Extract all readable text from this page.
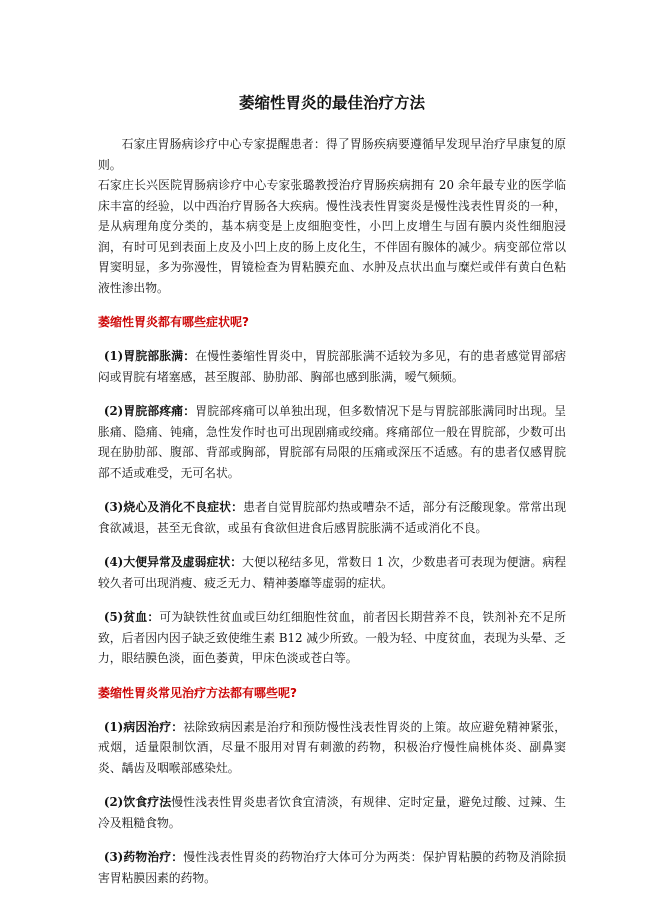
萎缩性胃炎的最佳治疗方法

石家庄胃肠病诊疗中心专家提醒患者：得了胃肠疾病要遵循早发现早治疗早康复的原则。

石家庄长兴医院胃肠病诊疗中心专家张璐教授治疗胃肠疾病拥有 20 余年最专业的医学临床丰富的经验，以中西治疗胃肠各大疾病。慢性浅表性胃窦炎是慢性浅表性胃炎的一种，是从病理角度分类的，基本病变是上皮细胞变性，小凹上皮增生与固有膜内炎性细胞浸润，有时可见到表面上皮及小凹上皮的肠上皮化生，不伴固有腺体的减少。病变部位常以胃窦明显，多为弥漫性，胃镜检查为胃粘膜充血、水肿及点状出血与糜烂或伴有黄白色粘液性渗出物。

萎缩性胃炎都有哪些症状呢?

(1)胃脘部胀满：在慢性萎缩性胃炎中，胃脘部胀满不适较为多见，有的患者感觉胃部痞闷或胃脘有堵塞感，甚至腹部、胁肋部、胸部也感到胀满，嗳气频频。

(2)胃脘部疼痛：胃脘部疼痛可以单独出现，但多数情况下是与胃脘部胀满同时出现。呈胀痛、隐痛、钝痛，急性发作时也可出现剧痛或绞痛。疼痛部位一般在胃脘部，少数可出现在胁肋部、腹部、背部或胸部，胃脘部有局限的压痛或深压不适感。有的患者仅感胃脘部不适或难受，无可名状。

(3)烧心及消化不良症状：患者自觉胃脘部灼热或嘈杂不适，部分有泛酸现象。常常出现食欲减退，甚至无食欲，或虽有食欲但进食后感胃脘胀满不适或消化不良。

(4)大便异常及虚弱症状：大便以秘结多见，常数日 1 次，少数患者可表现为便溏。病程较久者可出现消瘦、疲乏无力、精神萎靡等虚弱的症状。

(5)贫血：可为缺铁性贫血或巨幼红细胞性贫血，前者因长期营养不良，铁剂补充不足所致，后者因内因子缺乏致使维生素 B12 减少所致。一般为轻、中度贫血，表现为头晕、乏力，眼结膜色淡，面色萎黄，甲床色淡或苍白等。

萎缩性胃炎常见治疗方法都有哪些呢?

(1)病因治疗：祛除致病因素是治疗和预防慢性浅表性胃炎的上策。故应避免精神紧张，戒烟，适量限制饮酒，尽量不服用对胃有刺激的药物，积极治疗慢性扁桃体炎、副鼻窦炎、龋齿及咽喉部感染灶。

(2)饮食疗法慢性浅表性胃炎患者饮食宜清淡，有规律、定时定量，避免过酸、过辣、生冷及粗糙食物。

(3)药物治疗：慢性浅表性胃炎的药物治疗大体可分为两类：保护胃粘膜的药物及消除损害胃粘膜因素的药物。
